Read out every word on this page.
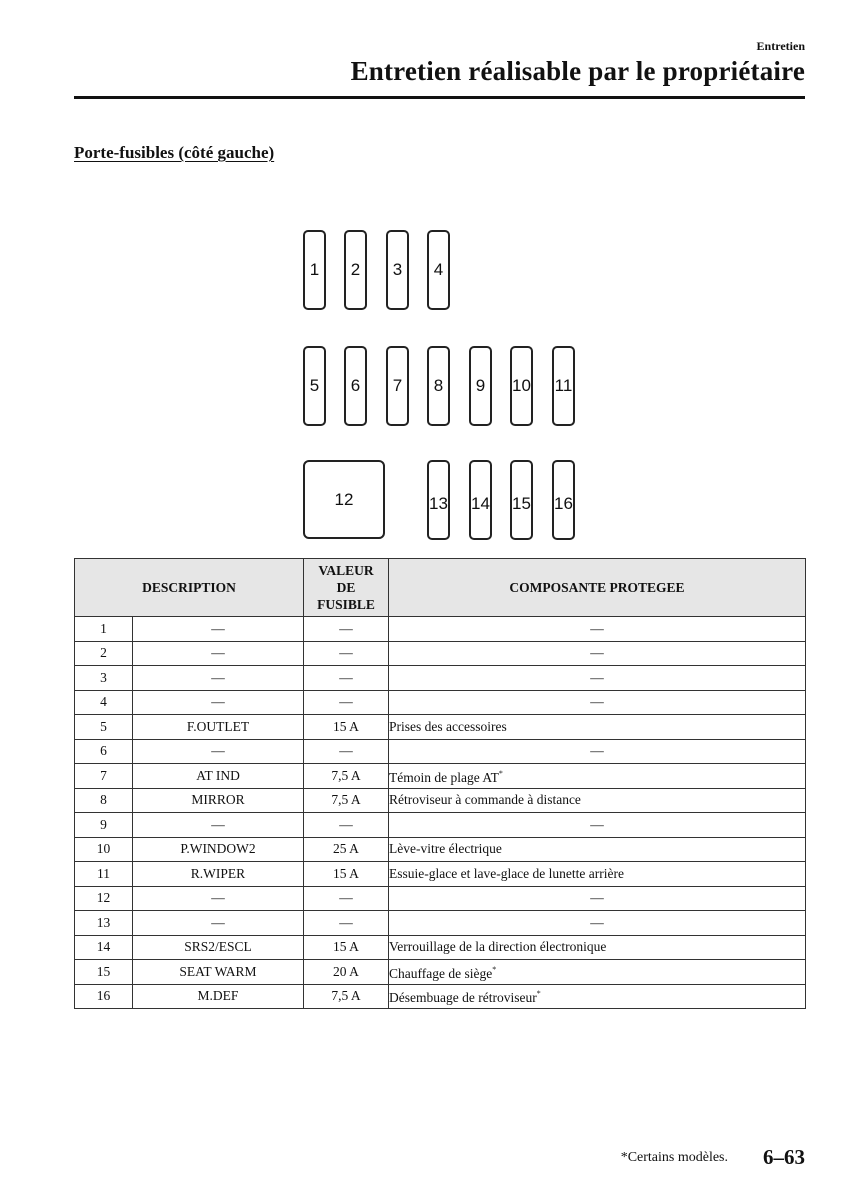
Entretien
Entretien réalisable par le propriétaire
Porte-fusibles (côté gauche)
1 2 3 4
5 6 7 8 9 10 11
12	13 14 15 16
DESCRIPTION		VALEUR DE FUSIBLE	COMPOSANTE PROTEGEE
1	—	—	—
2	—	—	—
3	—	—	—
4	—	—	—
5	F.OUTLET	15 A	Prises des accessoires
6	—	—	—
7	AT IND	7,5 A	Témoin de plage AT*
8	MIRROR	7,5 A	Rétroviseur à commande à distance
9	—	—	—
10	P.WINDOW2	25 A	Lève-vitre électrique
11	R.WIPER	15 A	Essuie-glace et lave-glace de lunette arrière
12	—	—	—
13	—	—	—
14	SRS2/ESCL	15 A	Verrouillage de la direction électronique
15	SEAT WARM	20 A	Chauffage de siège*
16	M.DEF	7,5 A	Désembuage de rétroviseur*
*Certains modèles. 6–63
